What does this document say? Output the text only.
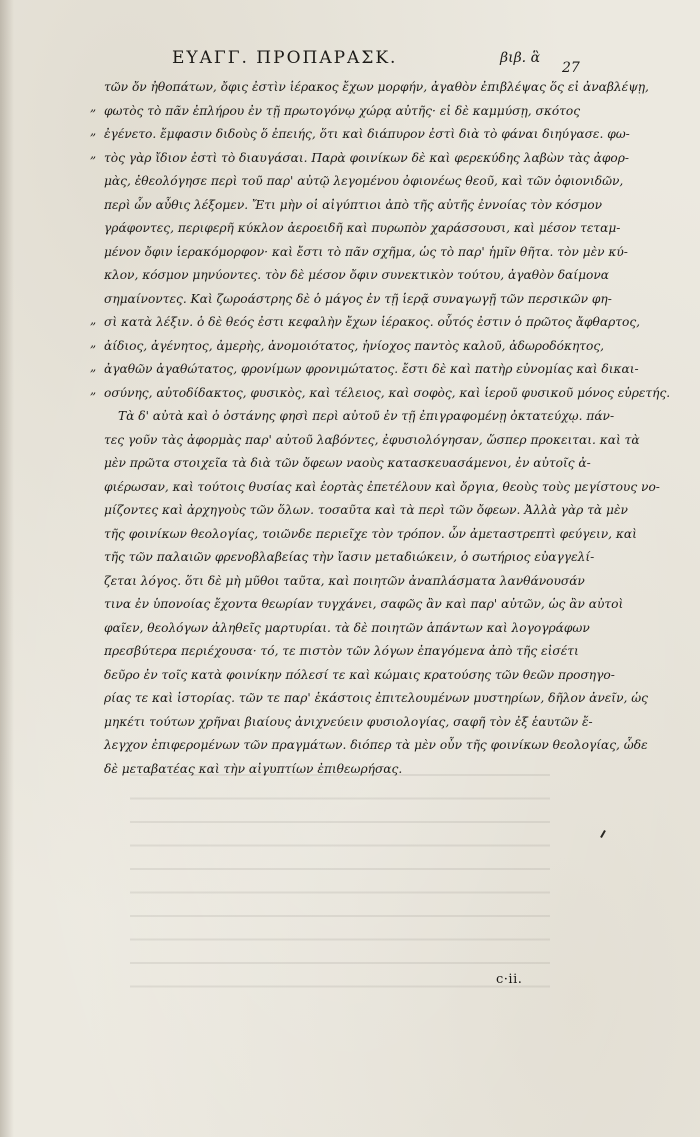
ΕΥΑΓΓ. ΠΡΟΠΑΡΑΣΚ.	βιβ. ἃ
27
„
„
„
„
„
„
„
τῶν ὄν ἠθοπάτων, ὄφις ἐστὶν ἱέρακος ἔχων μορφήν, ἀγαθὸν ἐπιβλέψας ὅς εἰ ἀναβλέψῃ,
φωτὸς τὸ πᾶν ἐπλήρου ἐν τῇ πρωτογόνῳ χώρᾳ αὐτῆς· εἰ δὲ καμμύσῃ, σκότος
ἐγένετο. ἔμφασιν διδοὺς ὅ ἐπειής, ὅτι καὶ διάπυρον ἐστὶ διὰ τὸ φάναι διηύγασε. φω-
τὸς γὰρ ἴδιον ἐστὶ τὸ διαυγάσαι. Παρὰ φοινίκων δὲ καὶ φερεκύδης λαβὼν τὰς ἀφορ-
μὰς, ἐθεολόγησε περὶ τοῦ παρ' αὐτῷ λεγομένου ὀφιονέως θεοῦ, καὶ τῶν ὀφιονιδῶν,
περὶ ὧν αὖθις λέξομεν. Ἔτι μὴν οἱ αἰγύπτιοι ἀπὸ τῆς αὐτῆς ἐννοίας τὸν κόσμον
γράφοντες, περιφερῆ κύκλον ἀεροειδῆ καὶ πυρωπὸν χαράσσουσι, καὶ μέσον τεταμ-
μένον ὄφιν ἱερακόμορφον· καὶ ἔστι τὸ πᾶν σχῆμα, ὡς τὸ παρ' ἡμῖν θῆτα. τὸν μὲν κύ-
κλον, κόσμον μηνύοντες. τὸν δὲ μέσον ὄφιν συνεκτικὸν τούτου, ἀγαθὸν δαίμονα
σημαίνοντες. Καὶ ζωροάστρης δὲ ὁ μάγος ἐν τῇ ἱερᾷ συναγωγῇ τῶν περσικῶν φη-
σὶ κατὰ λέξιν. ὁ δὲ θεός ἐστι κεφαλὴν ἔχων ἱέρακος. οὗτός ἐστιν ὁ πρῶτος ἄφθαρτος,
ἀίδιος, ἀγένητος, ἀμερὴς, ἀνομοιότατος, ἡνίοχος παντὸς καλοῦ, ἀδωροδόκητος,
ἀγαθῶν ἀγαθώτατος, φρονίμων φρονιμώτατος. ἔστι δὲ καὶ πατὴρ εὐνομίας καὶ δικαι-
οσύνης, αὐτοδίδακτος, φυσικὸς, καὶ τέλειος, καὶ σοφὸς, καὶ ἱεροῦ φυσικοῦ μόνος εὑρετής.
Τὰ δ' αὐτὰ καὶ ὁ ὀστάνης φησὶ περὶ αὐτοῦ ἐν τῇ ἐπιγραφομένῃ ὀκτατεύχῳ. πάν-
τες γοῦν τὰς ἀφορμὰς παρ' αὐτοῦ λαβόντες, ἐφυσιολόγησαν, ὥσπερ προκειται. καὶ τὰ
μὲν πρῶτα στοιχεῖα τὰ διὰ τῶν ὄφεων ναοὺς κατασκευασάμενοι, ἐν αὐτοῖς ἀ-
φιέρωσαν, καὶ τούτοις θυσίας καὶ ἑορτὰς ἐπετέλουν καὶ ὄργια, θεοὺς τοὺς μεγίστους νο-
μίζοντες καὶ ἀρχηγοὺς τῶν ὅλων. τοσαῦτα καὶ τὰ περὶ τῶν ὄφεων. Ἀλλὰ γὰρ τὰ μὲν
τῆς φοινίκων θεολογίας, τοιῶνδε περιεῖχε τὸν τρόπον. ὧν ἀμεταστρεπτὶ φεύγειν, καὶ
τῆς τῶν παλαιῶν φρενοβλαβείας τὴν ἴασιν μεταδιώκειν, ὁ σωτήριος εὐαγγελί-
ζεται λόγος. ὅτι δὲ μὴ μῦθοι ταῦτα, καὶ ποιητῶν ἀναπλάσματα λανθάνουσάν
τινα ἐν ὑπονοίας ἔχοντα θεωρίαν τυγχάνει, σαφῶς ἂν καὶ παρ' αὐτῶν, ὡς ἂν αὐτοὶ
φαῖεν, θεολόγων ἀληθεῖς μαρτυρίαι. τὰ δὲ ποιητῶν ἁπάντων καὶ λογογράφων
πρεσβύτερα περιέχουσα· τό, τε πιστὸν τῶν λόγων ἐπαγόμενα ἀπὸ τῆς εἰσέτι
δεῦρο ἐν τοῖς κατὰ φοινίκην πόλεσί τε καὶ κώμαις κρατούσης τῶν θεῶν προσηγο-
ρίας τε καὶ ἱστορίας. τῶν τε παρ' ἑκάστοις ἐπιτελουμένων μυστηρίων, δῆλον ἀνεῖν, ὡς
μηκέτι τούτων χρῆναι βιαίους ἀνιχνεύειν φυσιολογίας, σαφῆ τὸν ἐξ ἑαυτῶν ἔ-
λεγχον ἐπιφερομένων τῶν πραγμάτων. διόπερ τὰ μὲν οὖν τῆς φοινίκων θεολογίας, ὧδε
δὲ μεταβατέας καὶ τὴν αἰγυπτίων ἐπιθεωρήσας.
c·ii.
